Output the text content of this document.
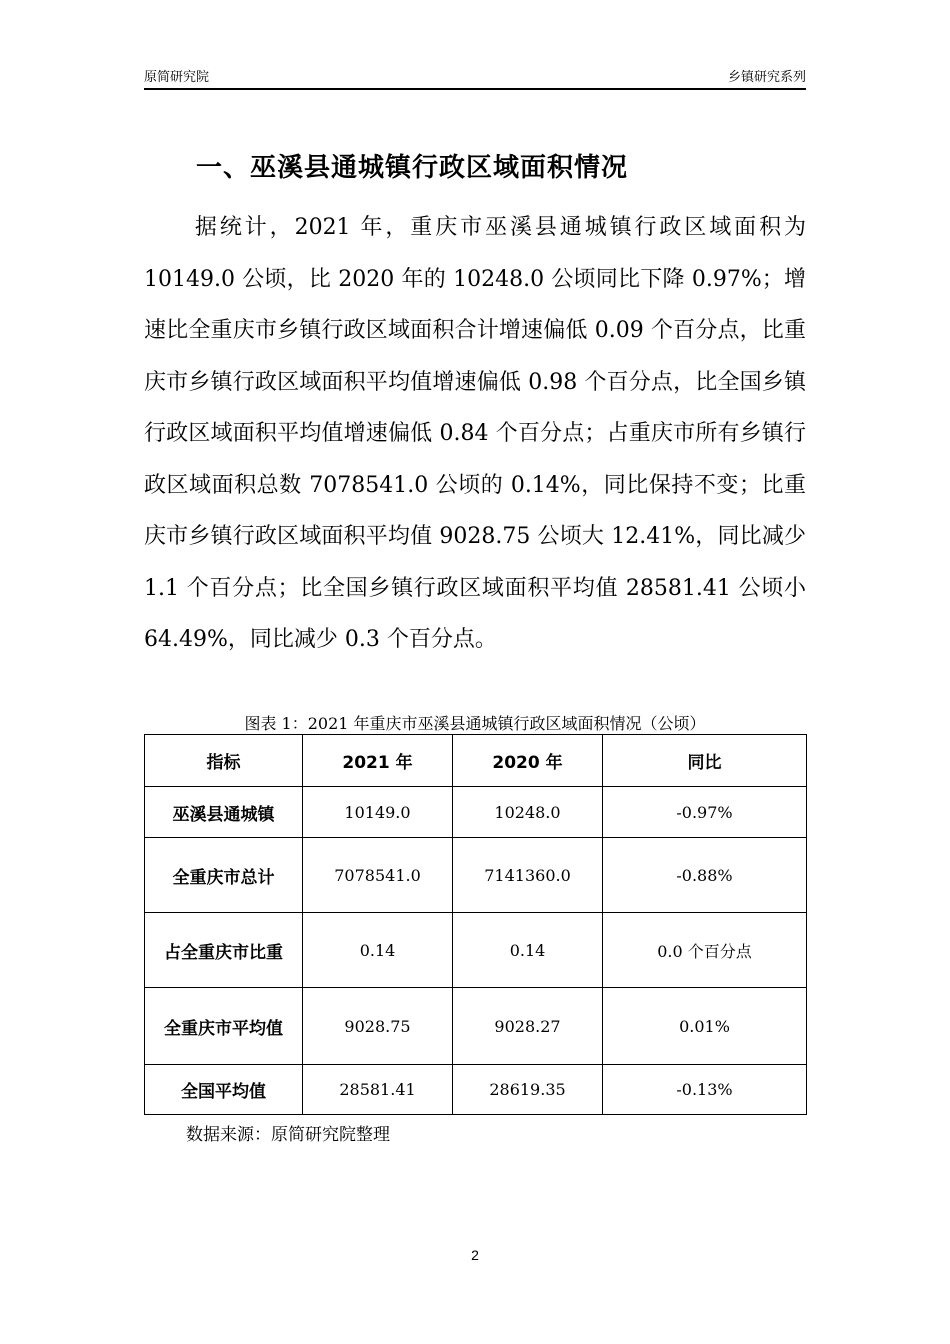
原简研究院	乡镇研究系列
一、巫溪县通城镇行政区域面积情况
据统计，2021 年，重庆市巫溪县通城镇行政区域面积为 10149.0 公顷，比 2020 年的 10248.0 公顷同比下降 0.97%；增速比全重庆市乡镇行政区域面积合计增速偏低 0.09 个百分点，比重庆市乡镇行政区域面积平均值增速偏低 0.98 个百分点，比全国乡镇行政区域面积平均值增速偏低 0.84 个百分点；占重庆市所有乡镇行政区域面积总数 7078541.0 公顷的 0.14%，同比保持不变；比重庆市乡镇行政区域面积平均值 9028.75 公顷大 12.41%，同比减少 1.1 个百分点；比全国乡镇行政区域面积平均值 28581.41 公顷小 64.49%，同比减少 0.3 个百分点。
图表 1：2021 年重庆市巫溪县通城镇行政区域面积情况（公顷）
指标	2021 年	2020 年	同比
巫溪县通城镇	10149.0	10248.0	-0.97%
全重庆市总计	7078541.0	7141360.0	-0.88%
占全重庆市比重	0.14	0.14	0.0 个百分点
全重庆市平均值	9028.75	9028.27	0.01%
全国平均值	28581.41	28619.35	-0.13%
数据来源：原简研究院整理
2
